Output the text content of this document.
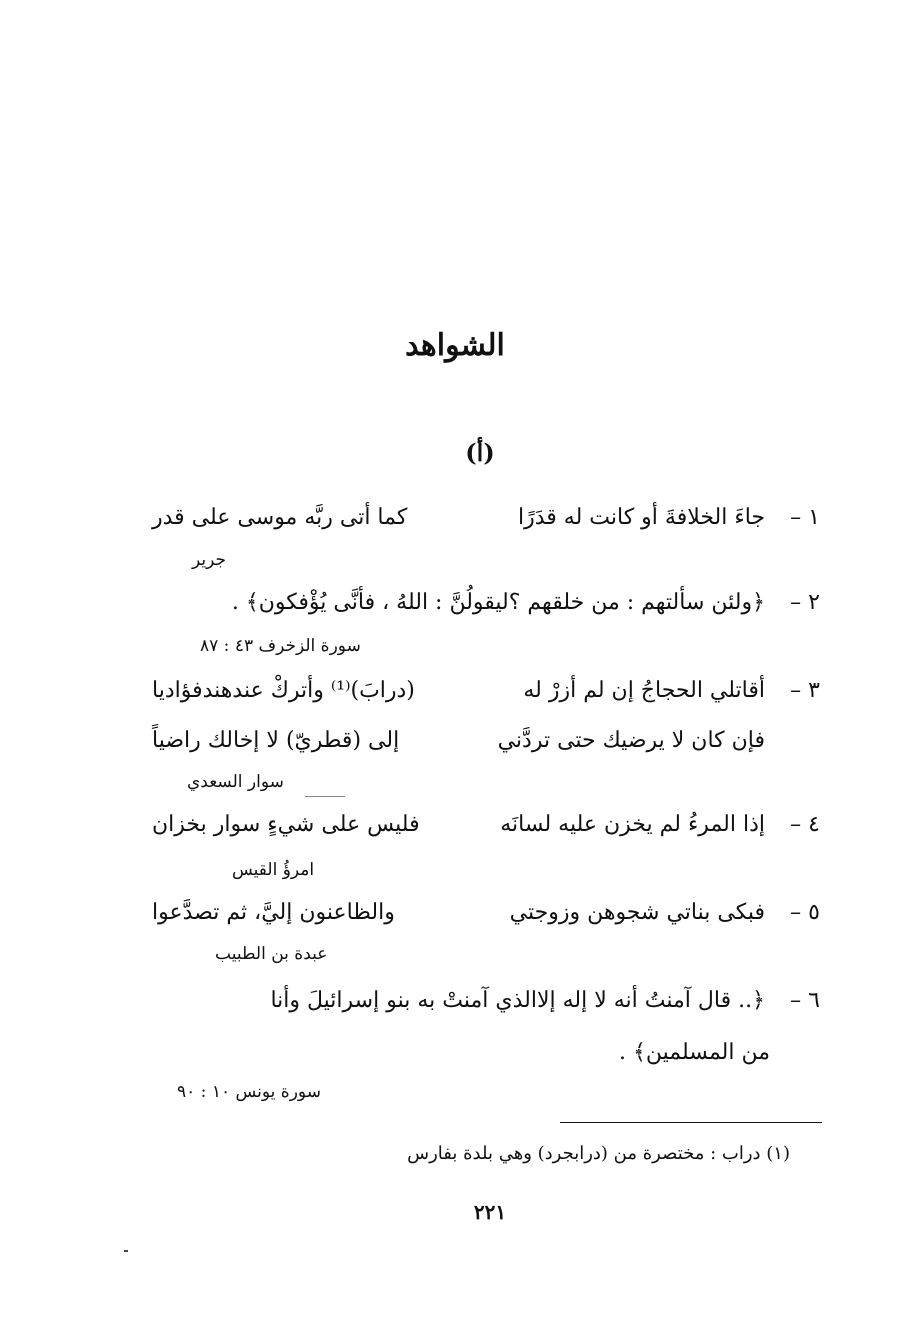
الشواهد
(أ)
١ –
جاءَ الخلافةَ أو كانت له قدَرًا
كما أتى ربَّه موسى على قدر
جرير
٢ –
﴿ولئن سألتهم : من خلقهم ؟ليقولُنَّ : اللهُ ، فأنَّى يُؤْفكون﴾ .
سورة الزخرف ٤٣ : ٨٧
٣ –
أقاتلي الحجاجُ إن لم أزرْ له
(درابَ)⁽¹⁾ وأتركْ عندهندفؤاديا
فإن كان لا يرضيك حتى تردَّني
إلى (قطريّ) لا إخالك راضياً
سوار السعدي
٤ –
إذا المرءُ لم يخزن عليه لسانَه
فليس على شيءٍ سوار بخزان
امرؤُ القيس
٥ –
فبكى بناتي شجوهن وزوجتي
والظاعنون إليَّ، ثم تصدَّعوا
عبدة بن الطبيب
٦ –
﴿.. قال آمنتُ أنه لا إله إلاالذي آمنتْ به بنو إسرائيلَ وأنا
من المسلمين﴾ .
سورة يونس ١٠ : ٩٠
(١) دراب : مختصرة من (درابجرد) وهي بلدة بفارس
٢٢١
